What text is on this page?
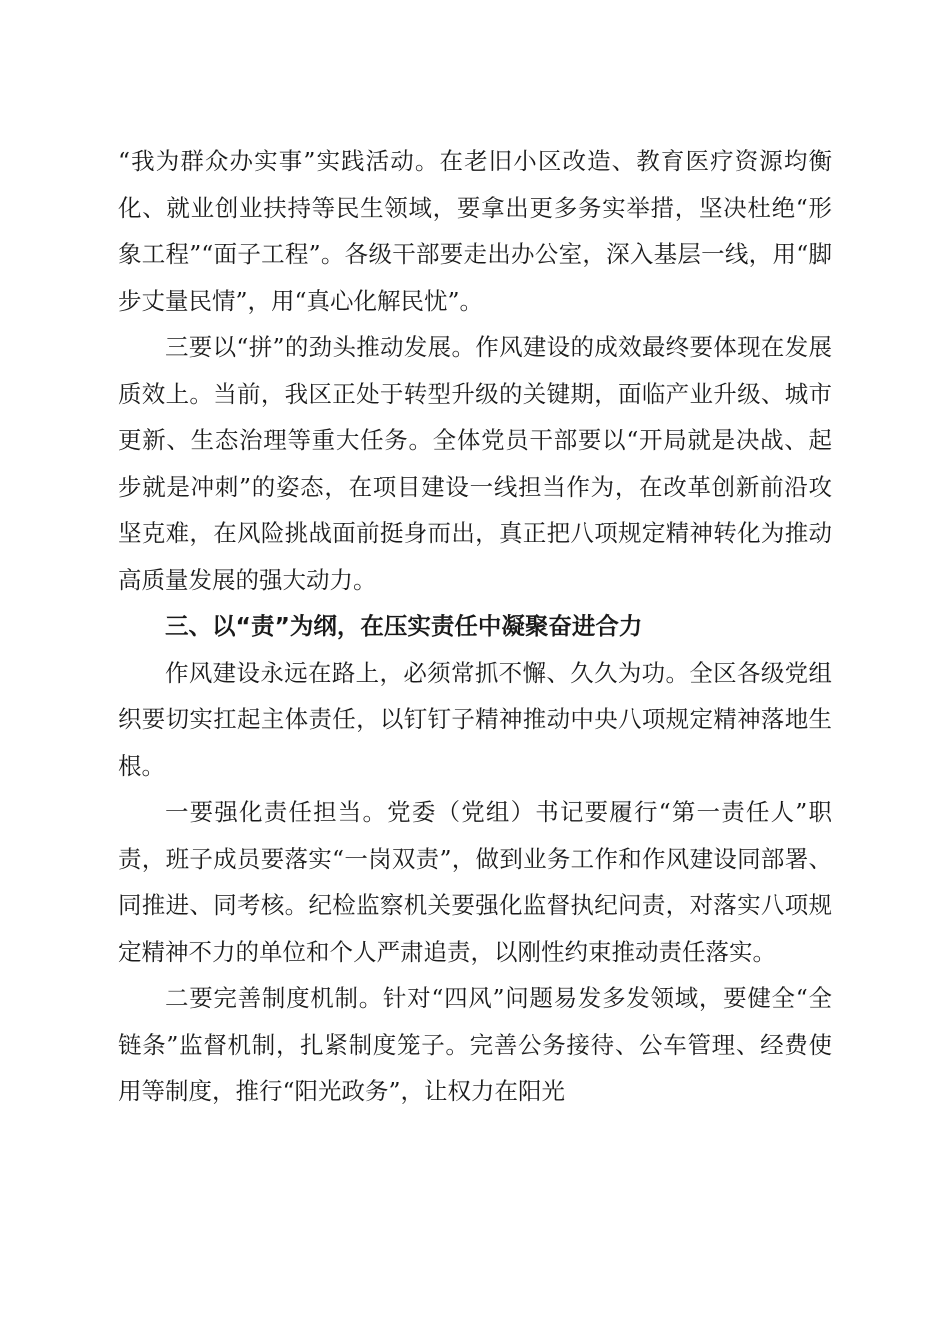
“我为群众办实事”实践活动。在老旧小区改造、教育医疗资源均衡化、就业创业扶持等民生领域，要拿出更多务实举措，坚决杜绝“形象工程”“面子工程”。各级干部要走出办公室，深入基层一线，用“脚步丈量民情”，用“真心化解民忧”。

三要以“拼”的劲头推动发展。作风建设的成效最终要体现在发展质效上。当前，我区正处于转型升级的关键期，面临产业升级、城市更新、生态治理等重大任务。全体党员干部要以“开局就是决战、起步就是冲刺”的姿态，在项目建设一线担当作为，在改革创新前沿攻坚克难，在风险挑战面前挺身而出，真正把八项规定精神转化为推动高质量发展的强大动力。

三、以“责”为纲，在压实责任中凝聚奋进合力

作风建设永远在路上，必须常抓不懈、久久为功。全区各级党组织要切实扛起主体责任，以钉钉子精神推动中央八项规定精神落地生根。

一要强化责任担当。党委（党组）书记要履行“第一责任人”职责，班子成员要落实“一岗双责”，做到业务工作和作风建设同部署、同推进、同考核。纪检监察机关要强化监督执纪问责，对落实八项规定精神不力的单位和个人严肃追责，以刚性约束推动责任落实。

二要完善制度机制。针对“四风”问题易发多发领域，要健全“全链条”监督机制，扎紧制度笼子。完善公务接待、公车管理、经费使用等制度，推行“阳光政务”，让权力在阳光
